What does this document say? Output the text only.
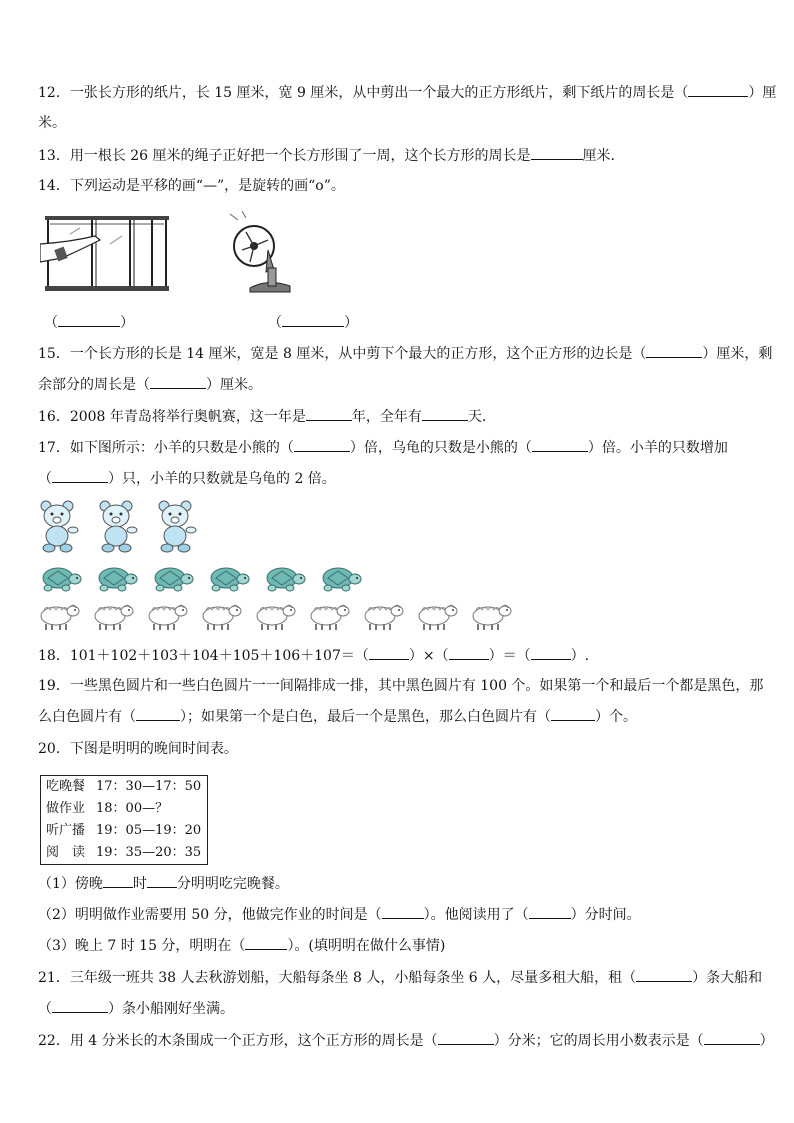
12．一张长方形的纸片，长 15 厘米，宽 9 厘米，从中剪出一个最大的正方形纸片，剩下纸片的周长是（	）厘
米。
13．用一根长 26 厘米的绳子正好把一个长方形围了一周，这个长方形的周长是	厘米．
14．下列运动是平移的画“—”，是旋转的画“o”。
（	）	（	）
15．一个长方形的长是 14 厘米，宽是 8 厘米，从中剪下个最大的正方形，这个正方形的边长是（	）厘米，剩
余部分的周长是（	）厘米。
16．2008 年青岛将举行奥帆赛，这一年是	年，全年有	天．
17．如下图所示：小羊的只数是小熊的（	）倍，乌龟的只数是小熊的（	）倍。小羊的只数增加
（	）只，小羊的只数就是乌龟的 2 倍。
18．101＋102＋103＋104＋105＋106＋107＝（	）×（	）＝（	）.
19．一些黑色圆片和一些白色圆片一一间隔排成一排，其中黑色圆片有 100 个。如果第一个和最后一个都是黑色，那
么白色圆片有（	）；如果第一个是白色，最后一个是黑色，那么白色圆片有（	）个。
20．下图是明明的晚间时间表。
吃晚餐	17：30—17：50
做作业	18：00—？
听广播	19：05—19：20
阅　读	19：35—20：35
（1）傍晚 时 分明明吃完晚餐。
（2）明明做作业需要用 50 分，他做完作业的时间是（	）。他阅读用了（	）分时间。
（3）晚上 7 时 15 分，明明在（	）。(填明明在做什么事情)
21．三年级一班共 38 人去秋游划船，大船每条坐 8 人，小船每条坐 6 人，尽量多租大船，租（	）条大船和
（	）条小船刚好坐满。
22．用 4 分米长的木条围成一个正方形，这个正方形的周长是（	）分米；它的周长用小数表示是（	）
